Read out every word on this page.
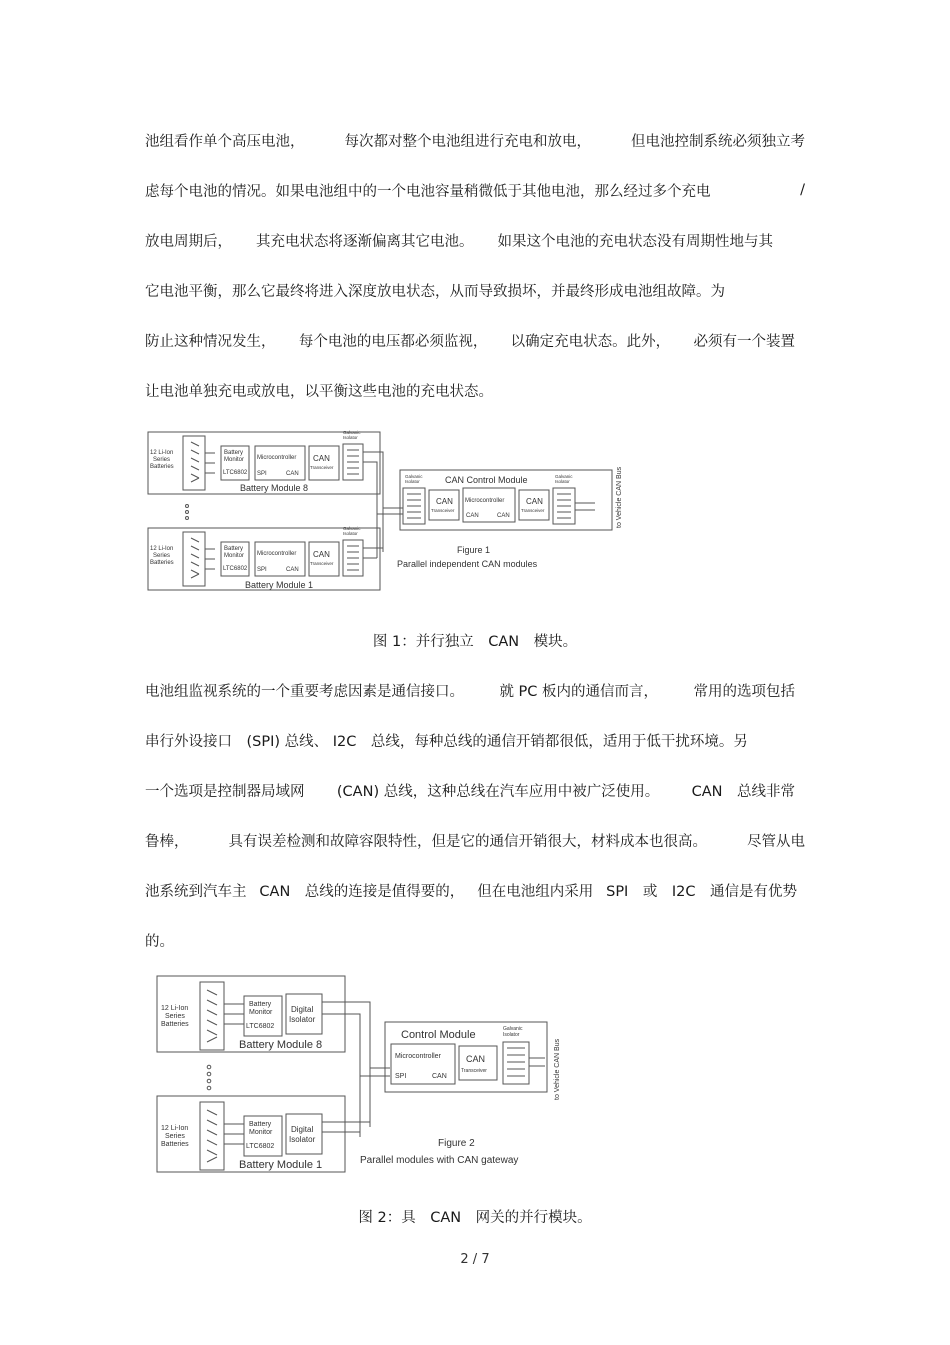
池组看作单个高压电池，	每次都对整个电池组进行充电和放电，	但电池控制系统必须独立考
虑每个电池的情况。如果电池组中的一个电池容量稍微低于其他电池，那么经过多个充电	/
放电周期后， 其充电状态将逐渐偏离其它电池。 如果这个电池的充电状态没有周期性地与其
它电池平衡，那么它最终将进入深度放电状态，从而导致损坏，并最终形成电池组故障。为
防止这种情况发生， 每个电池的电压都必须监视， 以确定充电状态。此外， 必须有一个装置
让电池单独充电或放电，以平衡这些电池的充电状态。
12 Li-Ion
Series
Batteries
Battery
Monitor
LTC6802
Microcontroller
SPI	CAN
CAN
Transceiver
Galvanic
Isolator
Battery Module 8
12 Li-Ion
Series
Batteries
Battery
Monitor
LTC6802
Microcontroller
SPI	CAN
CAN
Transceiver
Galvanic
Isolator
Battery Module 1
CAN Control Module
Galvanic
Isolator
CAN
Transceiver
Microcontroller
CAN	CAN
CAN
Transceiver
Galvanic
Isolator
Figure 1
Parallel independent CAN modules
to Vehicle CAN Bus
图 1：并行独立　CAN　模块。
电池组监视系统的一个重要考虑因素是通信接口。 就 PC 板内的通信而言， 常用的选项包括
串行外设接口　(SPI) 总线、 I2C　总线，每种总线的通信开销都很低，适用于低干扰环境。另
一个选项是控制器局域网 (CAN) 总线，这种总线在汽车应用中被广泛使用。 CAN　总线非常
鲁棒，	具有误差检测和故障容限特性，但是它的通信开销很大，材料成本也很高。	尽管从电
池系统到汽车主 CAN　总线的连接是值得要的， 但在电池组内采用 SPI　或　I2C　通信是有优势
的。
12 Li-Ion
Series
Batteries
Battery
Monitor
LTC6802
Digital
Isolator
Battery Module 8
12 Li-Ion
Series
Batteries
Battery
Monitor
LTC6802
Digital
Isolator
Battery Module 1
Control Module
Microcontroller
SPI	CAN
CAN
Transceiver
Galvanic
Isolator
Figure 2
Parallel modules with CAN gateway
to Vehicle CAN Bus
图 2：具　CAN　网关的并行模块。
2 / 7
